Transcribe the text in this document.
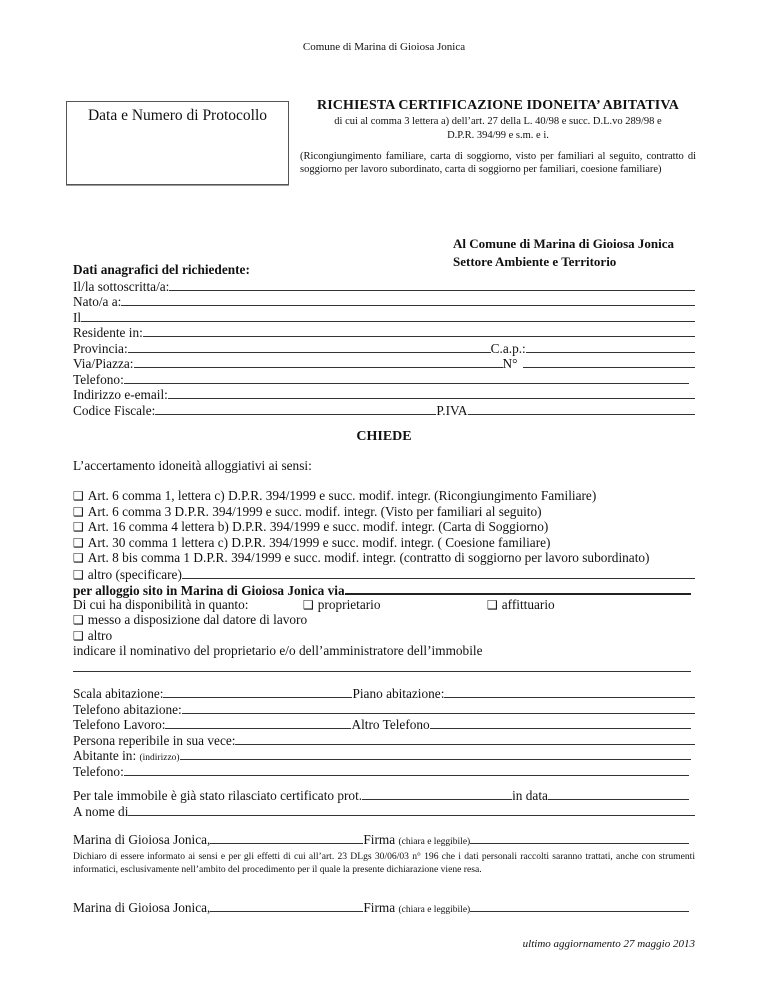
Comune di Marina di Gioiosa Jonica
Data e Numero di Protocollo
RICHIESTA CERTIFICAZIONE IDONEITA’ ABITATIVA
di cui al comma 3 lettera a) dell’art. 27 della L. 40/98 e succ. D.L.vo 289/98 e
D.P.R. 394/99 e s.m. e i.
(Ricongiungimento familiare, carta di soggiorno, visto per familiari al seguito, contratto di soggiorno per lavoro subordinato, carta di soggiorno per familiari, coesione familiare)
Al Comune di Marina di Gioiosa Jonica
Settore Ambiente e Territorio
Dati anagrafici del richiedente:
Il/la sottoscritta/a:
Nato/a a:
Il
Residente in:
Provincia:	C.a.p.:
Via/Piazza:	N°
Telefono:
Indirizzo e-email:
Codice Fiscale:	P.IVA
CHIEDE
L’accertamento idoneità alloggiativi ai sensi:
❑ Art. 6 comma 1, lettera c) D.P.R. 394/1999 e succ. modif. integr. (Ricongiungimento Familiare)
❑ Art. 6 comma 3 D.P.R. 394/1999 e succ. modif. integr. (Visto per familiari al seguito)
❑ Art. 16 comma 4 lettera b) D.P.R. 394/1999 e succ. modif. integr. (Carta di Soggiorno)
❑ Art. 30 comma 1 lettera c) D.P.R. 394/1999 e succ. modif. integr. ( Coesione familiare)
❑ Art. 8 bis comma 1 D.P.R. 394/1999 e succ. modif. integr. (contratto di soggiorno per lavoro subordinato)
❑ altro (specificare)
per alloggio sito in Marina di Gioiosa Jonica via
Di cui ha disponibilità in quanto:	❑ proprietario	❑ affittuario
❑ messo a disposizione dal datore di lavoro
❑ altro
indicare il nominativo del proprietario e/o dell’amministratore dell’immobile
Scala abitazione:	Piano abitazione:
Telefono abitazione:
Telefono Lavoro:	Altro Telefono
Persona reperibile in sua vece:
Abitante in:
(indirizzo)
Telefono:
Per tale immobile è già stato rilasciato certificato prot.	in data
A nome di
Marina di Gioiosa Jonica,	Firma
(chiara e leggibile)
Dichiaro di essere informato ai sensi e per gli effetti di cui all’art. 23 DLgs 30/06/03 n° 196 che i dati personali raccolti saranno trattati, anche con strumenti informatici, esclusivamente nell’ambito del procedimento per il quale la presente dichiarazione viene resa.
Marina di Gioiosa Jonica,	Firma
(chiara e leggibile)
ultimo aggiornamento 27 maggio 2013
